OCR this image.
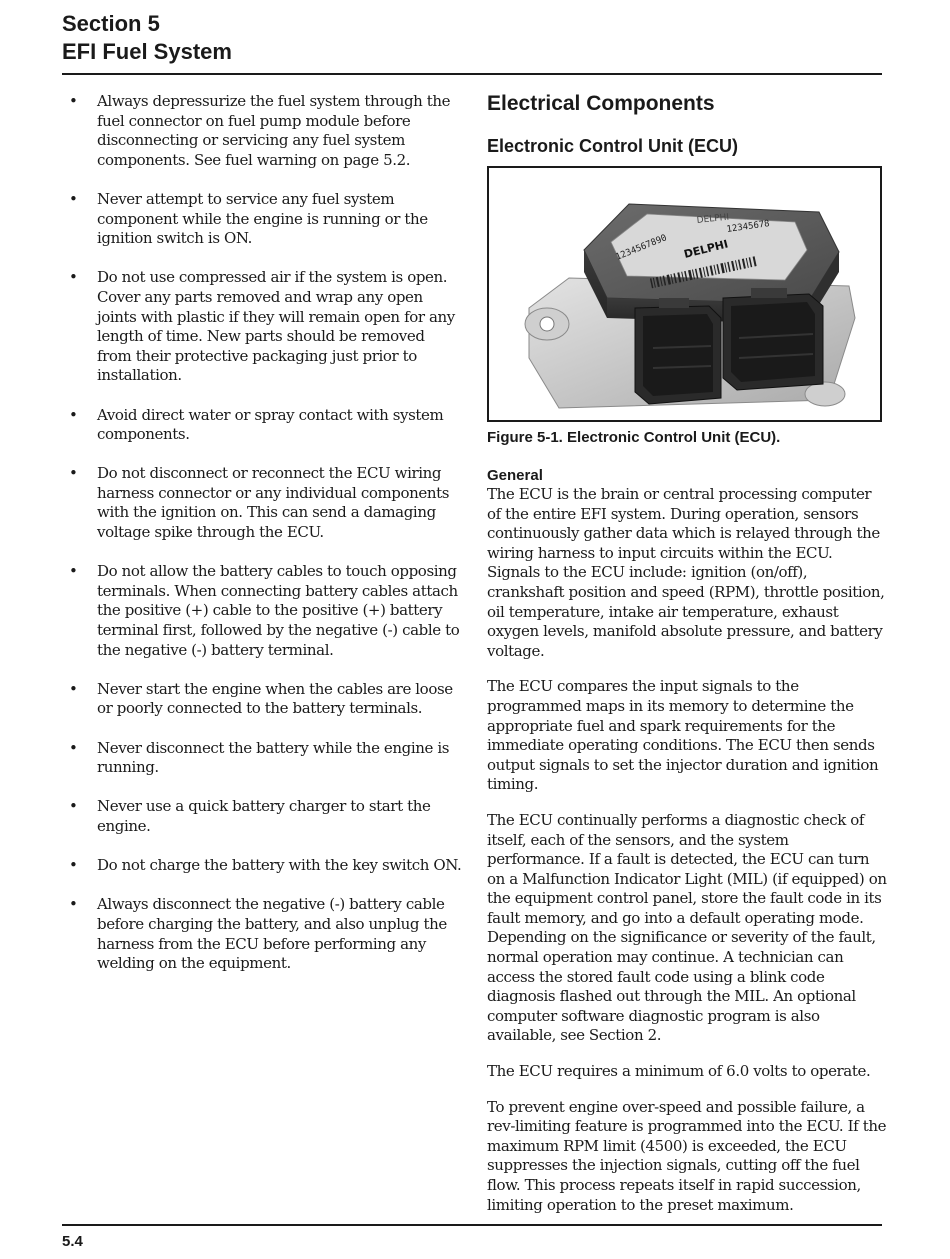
Section 5
EFI Fuel System
• Always depressurize the fuel system through the fuel connector on fuel pump module before disconnecting or servicing any fuel system components. See fuel warning on page 5.2.
• Never attempt to service any fuel system component while the engine is running or the ignition switch is ON.
• Do not use compressed air if the system is open. Cover any parts removed and wrap any open joints with plastic if they will remain open for any length of time. New parts should be removed from their protective packaging just prior to installation.
• Avoid direct water or spray contact with system components.
• Do not disconnect or reconnect the ECU wiring harness connector or any individual components with the ignition on. This can send a damaging voltage spike through the ECU.
• Do not allow the battery cables to touch opposing terminals. When connecting battery cables attach the positive (+) cable to the positive (+) battery terminal first, followed by the negative (-) cable to the negative (-) battery terminal.
• Never start the engine when the cables are loose or poorly connected to the battery terminals.
• Never disconnect the battery while the engine is running.
• Never use a quick battery charger to start the engine.
• Do not charge the battery with the key switch ON.
• Always disconnect the negative (-) battery cable before charging the battery, and also unplug the harness from the ECU before performing any welding on the equipment.
Electrical Components
Electronic Control Unit (ECU)
DELPHI
12345678
1234567890 DELPHI
Figure 5-1. Electronic Control Unit (ECU).
General

The ECU is the brain or central processing computer of the entire EFI system. During operation, sensors continuously gather data which is relayed through the wiring harness to input circuits within the ECU. Signals to the ECU include: ignition (on/off), crankshaft position and speed (RPM), throttle position, oil temperature, intake air temperature, exhaust oxygen levels, manifold absolute pressure, and battery voltage.

The ECU compares the input signals to the programmed maps in its memory to determine the appropriate fuel and spark requirements for the immediate operating conditions. The ECU then sends output signals to set the injector duration and ignition timing.

The ECU continually performs a diagnostic check of itself, each of the sensors, and the system performance. If a fault is detected, the ECU can turn on a Malfunction Indicator Light (MIL) (if equipped) on the equipment control panel, store the fault code in its fault memory, and go into a default operating mode. Depending on the significance or severity of the fault, normal operation may continue. A technician can access the stored fault code using a blink code diagnosis flashed out through the MIL. An optional computer software diagnostic program is also available, see Section 2.

The ECU requires a minimum of 6.0 volts to operate.

To prevent engine over-speed and possible failure, a rev-limiting feature is programmed into the ECU. If the maximum RPM limit (4500) is exceeded, the ECU suppresses the injection signals, cutting off the fuel flow. This process repeats itself in rapid succession, limiting operation to the preset maximum.

5.4
